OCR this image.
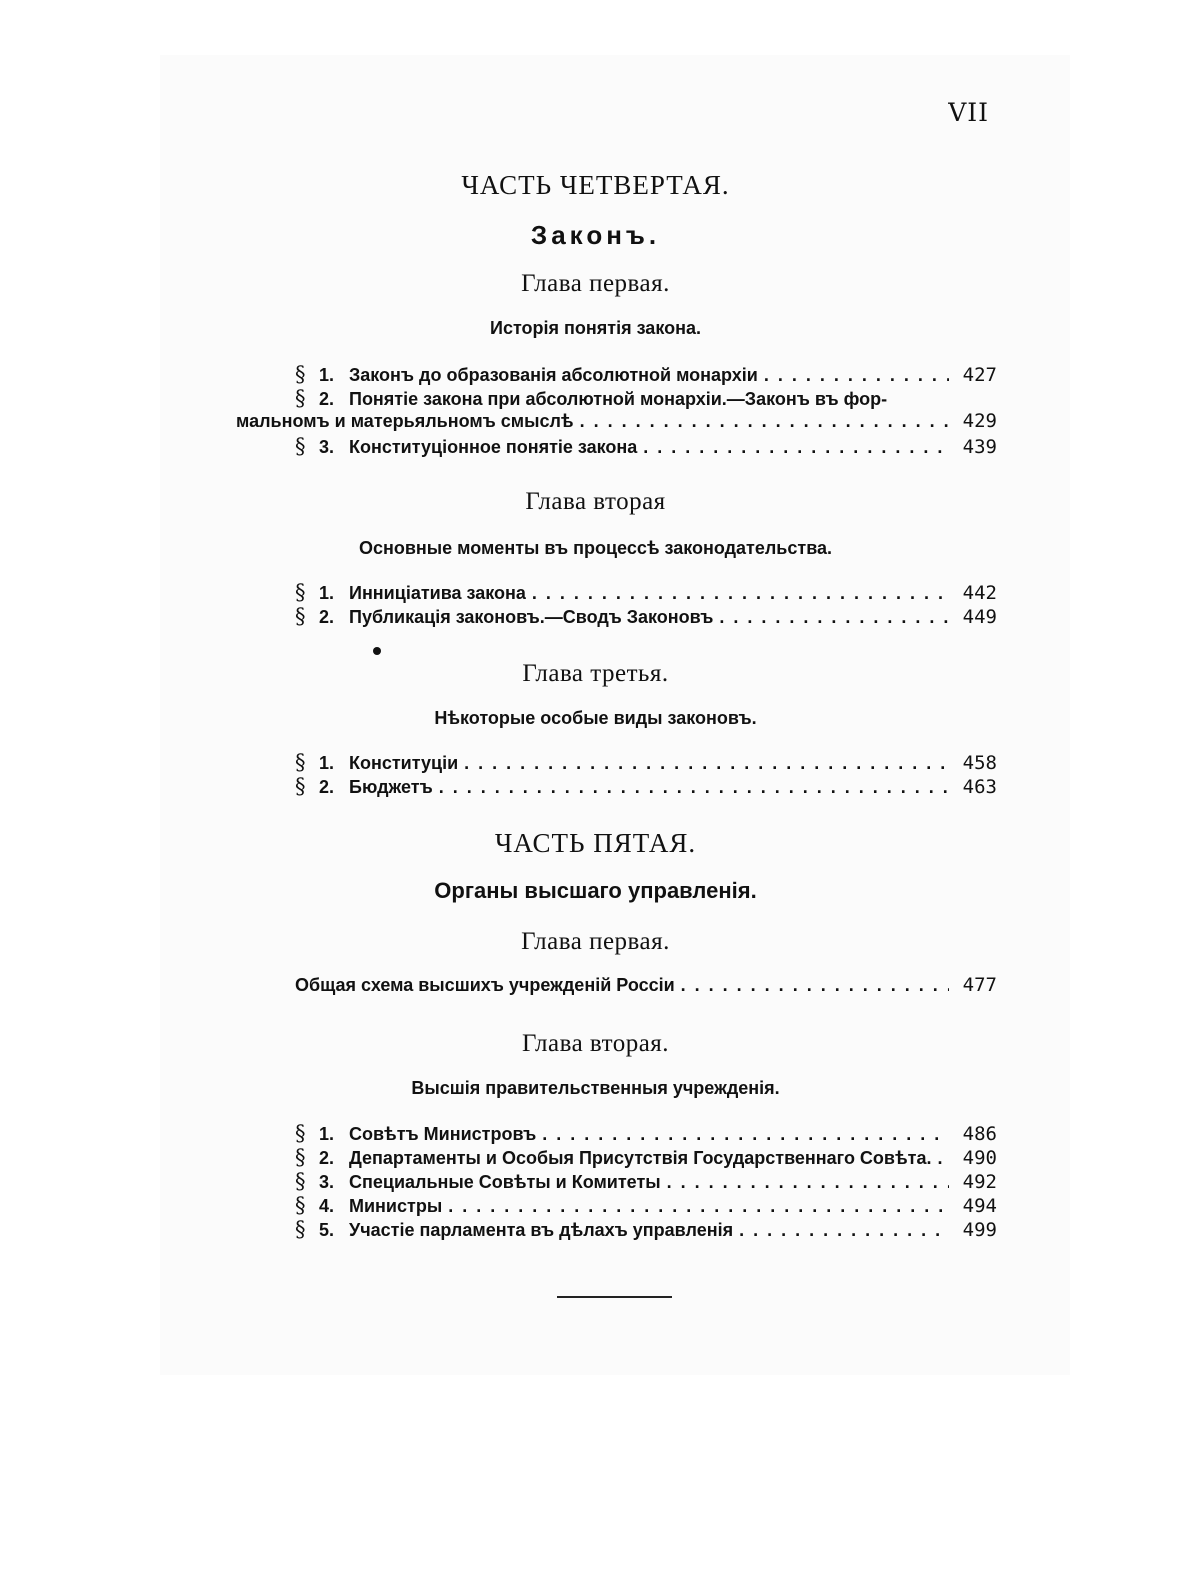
VII
ЧАСТЬ ЧЕТВЕРТАЯ.
Законъ.
Глава первая.
Исторія понятія закона.
§ 1. Законъ до образованія абсолютной монархіи . . .	427
§ 2. Понятіе закона при абсолютной монархіи.—Законъ въ фор-
мальномъ и матерьяльномъ смыслѣ . . .	429
§ 3. Конституціонное понятіе закона . . .	439
Глава вторая
Основные моменты въ процессѣ законодательства.
§ 1. Инниціатива закона . . .	442
§ 2. Публикація законовъ.—Сводъ Законовъ . . .	449
Глава третья.
Нѣкоторые особые виды законовъ.
§ 1. Конституціи . . .	458
§ 2. Бюджетъ . . .	463
ЧАСТЬ ПЯТАЯ.
Органы высшаго управленія.
Глава первая.
Общая схема высшихъ учрежденій Россіи . . .	477
Глава вторая.
Высшія правительственныя учрежденія.
§ 1. Совѣтъ Министровъ . . .	486
§ 2. Департаменты и Особыя Присутствія Государственнаго Совѣта. . . .	490
§ 3. Специальные Совѣты и Комитеты . . .	492
§ 4. Министры . . .	494
§ 5. Участіе парламента въ дѣлахъ управленія . . .	499
